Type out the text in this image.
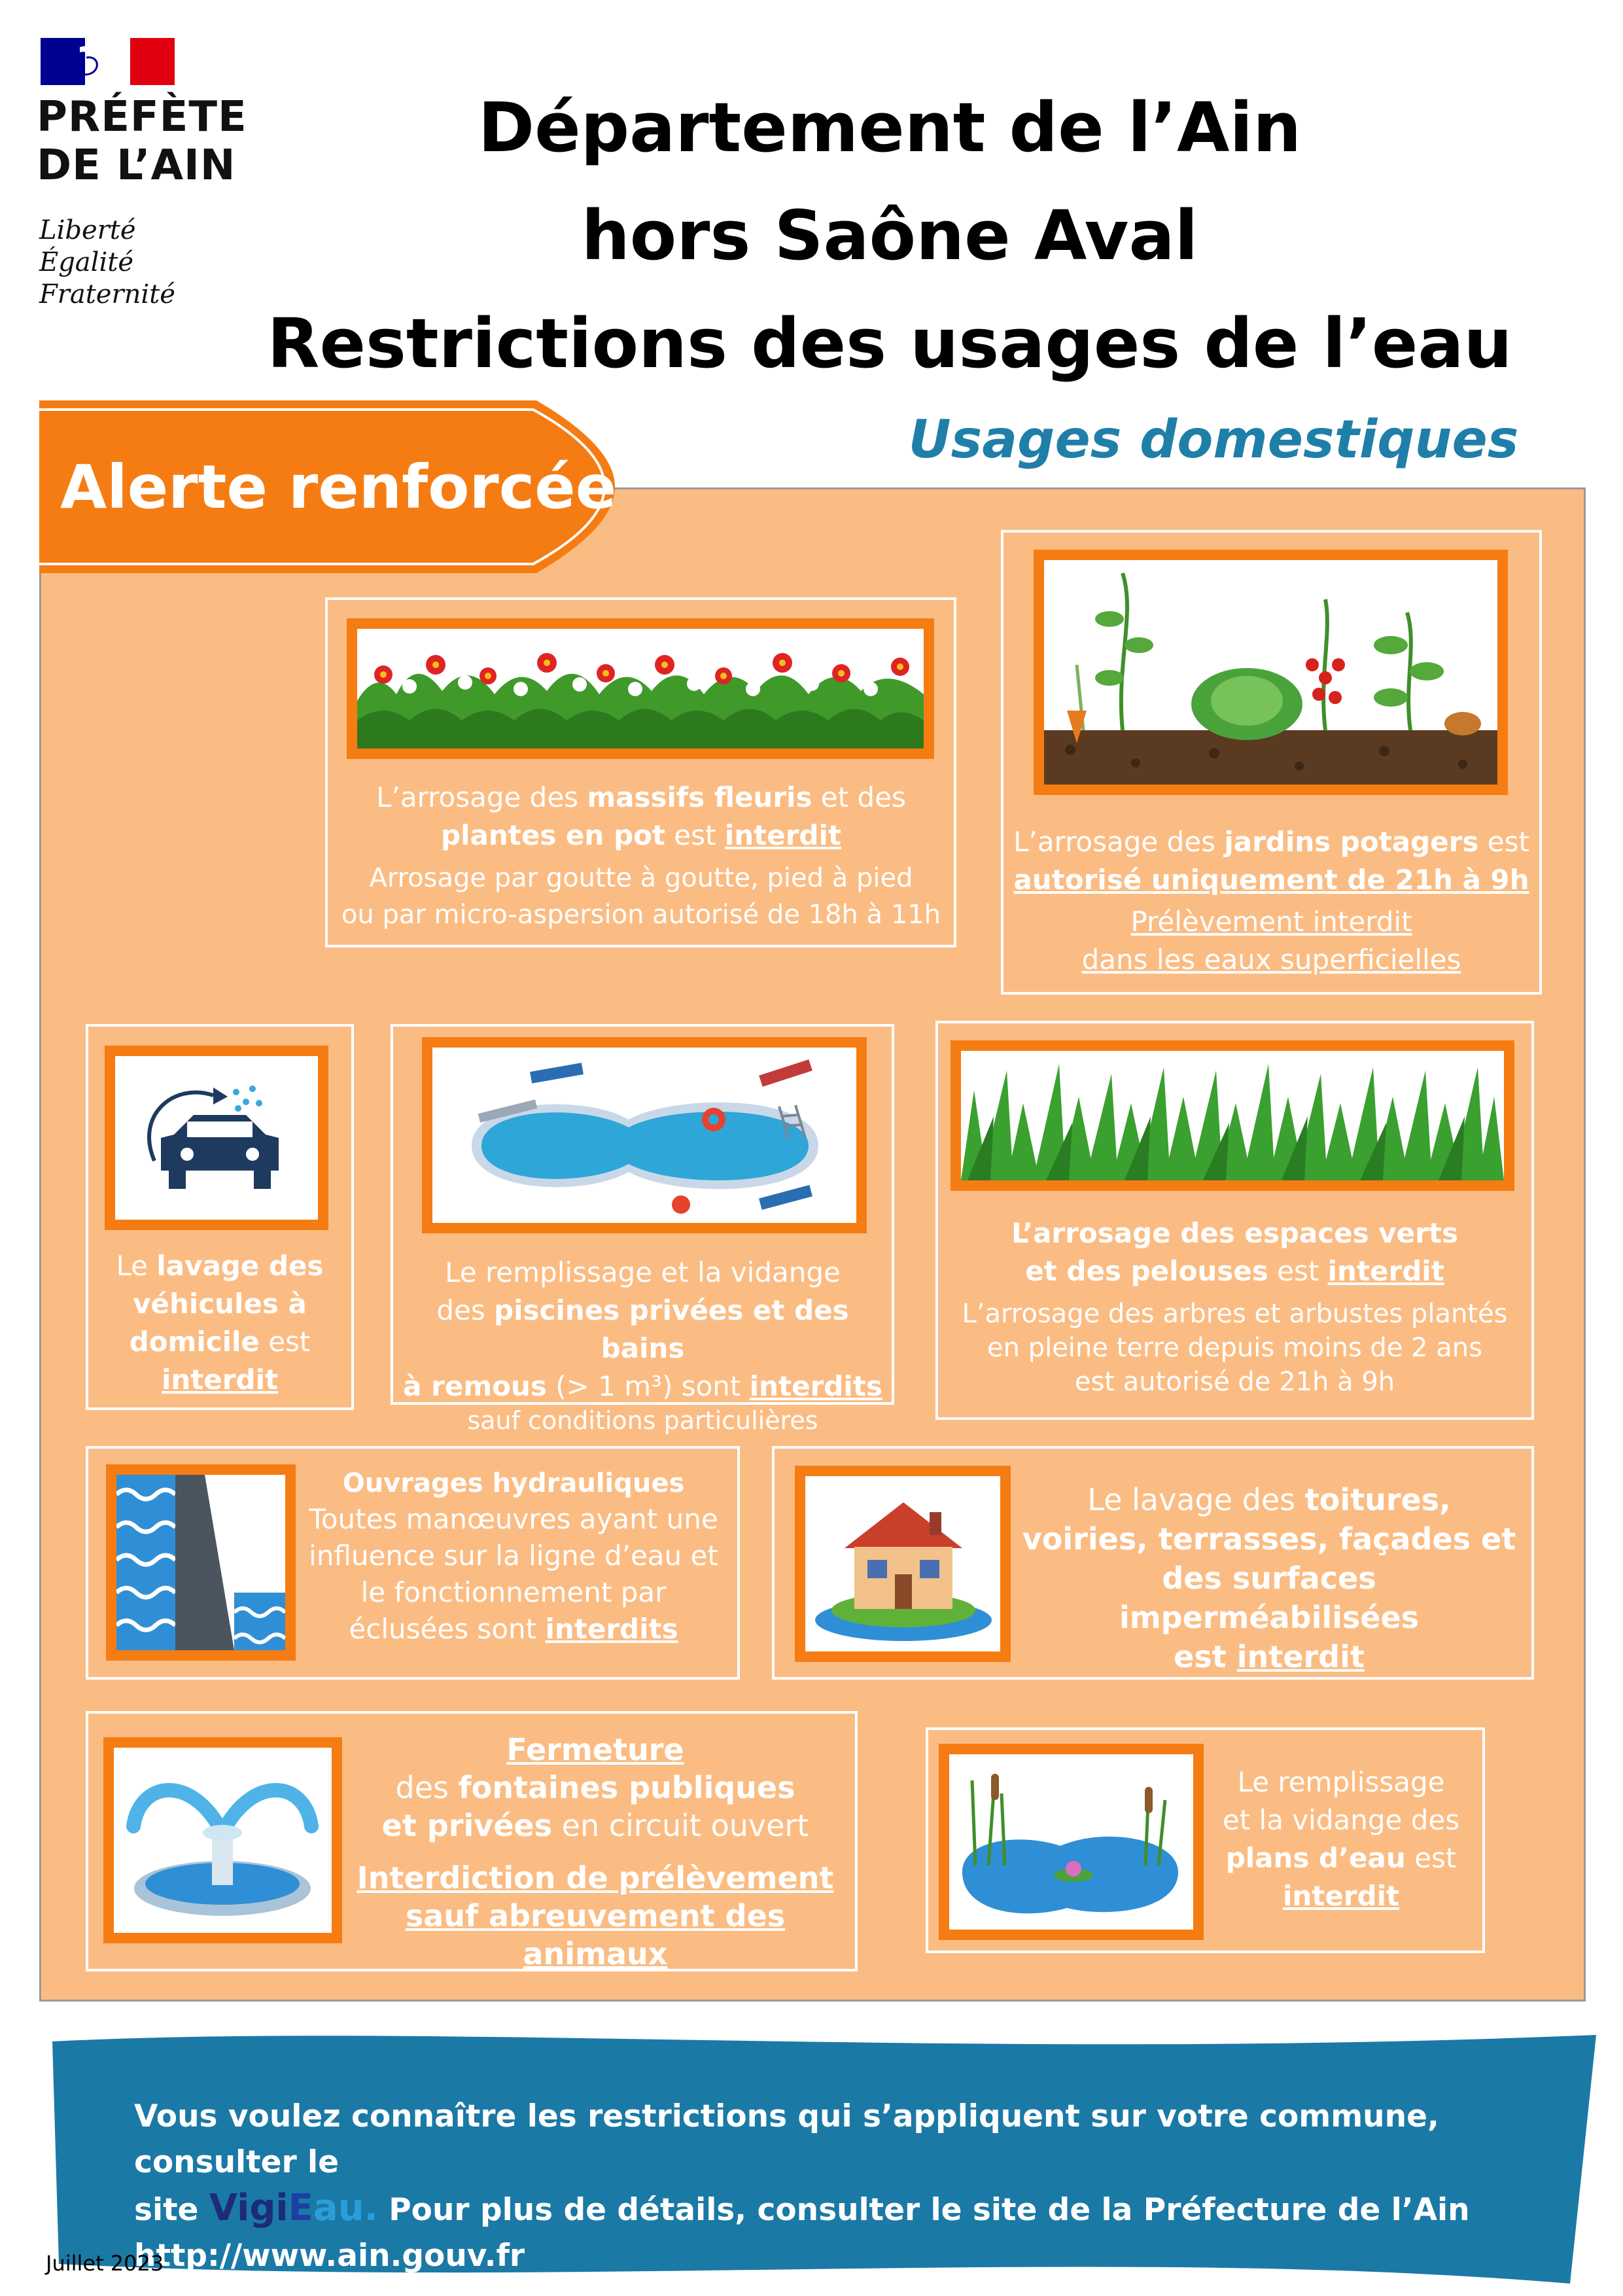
PRÉFÈTE
DE L’AIN
Liberté
Égalité
Fraternité
Département de l’Ain
hors Saône Aval
Restrictions des usages de l’eau
Usages domestiques
Alerte renforcée
L’arrosage des massifs fleuris et des
plantes en pot est interdit
Arrosage par goutte à goutte, pied à pied
ou par micro-aspersion autorisé de 18h à 11h
L’arrosage des jardins potagers est
autorisé uniquement de 21h à 9h
Prélèvement interdit
dans les eaux superficielles
Le lavage des
véhicules à
domicile est
interdit
Le remplissage et la vidange
des piscines privées et des bains
à remous (> 1 m³) sont interdits
sauf conditions particulières
L’arrosage des espaces verts
et des pelouses est interdit
L’arrosage des arbres et arbustes plantés
en pleine terre depuis moins de 2 ans
est autorisé de 21h à 9h
Ouvrages hydrauliques
Toutes manœuvres ayant une
influence sur la ligne d’eau et
le fonctionnement par
éclusées sont interdits
Le lavage des toitures,
voiries, terrasses, façades et
des surfaces imperméabilisées
est interdit
Fermeture
des fontaines publiques
et privées en circuit ouvert
Interdiction de prélèvement
sauf abreuvement des animaux
Le remplissage
et la vidange des
plans d’eau est
interdit
Vous voulez connaître les restrictions qui s’appliquent sur votre commune, consulter le
site VigiEau. Pour plus de détails, consulter le site de la Préfecture de l’Ain
http://www.ain.gouv.fr
Juillet 2023
